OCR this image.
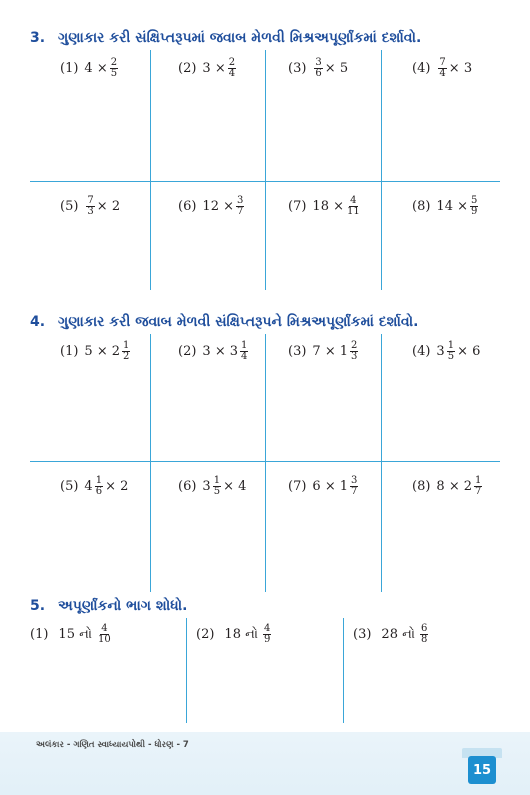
3. ગુણાકાર કરી સંક્ષિપ્તરૂપમાં જવાબ મેળવી મિશ્રઅપૂર્ણાંકમાં દર્શાવો.
(1) $4 \times \frac{2}{5}$	(2) $3 \times \frac{2}{4}$	$(3) \frac{3}{6} \times 5$	$(4) \frac{7}{4} \times 3$
$(5) \frac{7}{3} \times 2$	(6) $12 \times \frac{3}{7}$	(7) $18 \times \frac{4}{11}$	(8) $14 \times \frac{5}{9}$
4. ગુણાકાર કરી જવાબ મેળવી સંક્ષિપ્તરૂપને મિશ્રઅપૂર્ણાંકમાં દર્શાવો.
(1) $5 \times 2 \frac{1}{2}$	(2) $3 \times 3 \frac{1}{4}$	(3) $7 \times 1 \frac{2}{3}$	(4) $3 \frac{1}{5} \times 6$
(5) $4 \frac{1}{6} \times 2$	(6) $3 \frac{1}{5} \times 4$	(7) $6 \times 1 \frac{3}{7}$	(8) $8 \times 2 \frac{1}{7}$
5. અપૂર્ણાંકનો ભાગ શોધો.
(1) 15 નો $\frac{4}{10}$	(2) 18 નો $\frac{4}{9}$	(3) 28 નો $\frac{6}{8}$
અલંકાર - ગણિત સ્વાધ્યાયપોથી - ધોરણ - 7
15
